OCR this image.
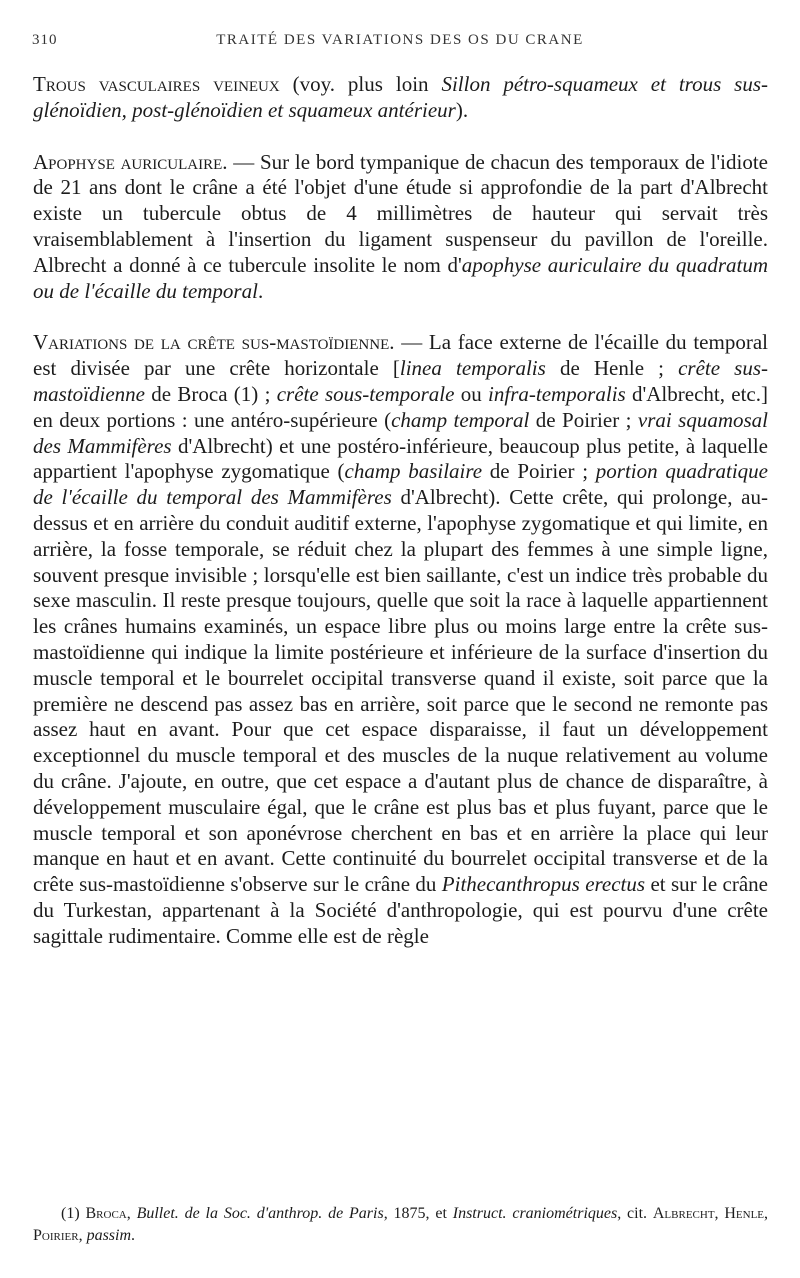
310	TRAITÉ DES VARIATIONS DES OS DU CRANE

Trous vasculaires veineux (voy. plus loin Sillon pétro-squameux et trous sus-glénoïdien, post-glénoïdien et squameux antérieur).

Apophyse auriculaire. — Sur le bord tympanique de chacun des temporaux de l'idiote de 21 ans dont le crâne a été l'objet d'une étude si approfondie de la part d'Albrecht existe un tubercule obtus de 4 millimètres de hauteur qui servait très vraisemblablement à l'insertion du ligament suspenseur du pavillon de l'oreille. Albrecht a donné à ce tubercule insolite le nom d'apophyse auriculaire du quadratum ou de l'écaille du temporal.

Variations de la crête sus-mastoïdienne. — La face externe de l'écaille du temporal est divisée par une crête horizontale [linea temporalis de Henle ; crête sus-mastoïdienne de Broca (1) ; crête sous-temporale ou infra-temporalis d'Albrecht, etc.] en deux portions : une antéro-supérieure (champ temporal de Poirier ; vrai squamosal des Mammifères d'Albrecht) et une postéro-inférieure, beaucoup plus petite, à laquelle appartient l'apophyse zygomatique (champ basilaire de Poirier ; portion quadratique de l'écaille du temporal des Mammifères d'Albrecht). Cette crête, qui prolonge, au-dessus et en arrière du conduit auditif externe, l'apophyse zygomatique et qui limite, en arrière, la fosse temporale, se réduit chez la plupart des femmes à une simple ligne, souvent presque invisible ; lorsqu'elle est bien saillante, c'est un indice très probable du sexe masculin. Il reste presque toujours, quelle que soit la race à laquelle appartiennent les crânes humains examinés, un espace libre plus ou moins large entre la crête sus-mastoïdienne qui indique la limite postérieure et inférieure de la surface d'insertion du muscle temporal et le bourrelet occipital transverse quand il existe, soit parce que la première ne descend pas assez bas en arrière, soit parce que le second ne remonte pas assez haut en avant. Pour que cet espace disparaisse, il faut un développement exceptionnel du muscle temporal et des muscles de la nuque relativement au volume du crâne. J'ajoute, en outre, que cet espace a d'autant plus de chance de disparaître, à développement musculaire égal, que le crâne est plus bas et plus fuyant, parce que le muscle temporal et son aponévrose cherchent en bas et en arrière la place qui leur manque en haut et en avant. Cette continuité du bourrelet occipital transverse et de la crête sus-mastoïdienne s'observe sur le crâne du Pithecanthropus erectus et sur le crâne du Turkestan, appartenant à la Société d'anthropologie, qui est pourvu d'une crête sagittale rudimentaire. Comme elle est de règle

(1) Broca, Bullet. de la Soc. d'anthrop. de Paris, 1875, et Instruct. craniométriques, cit. Albrecht, Henle, Poirier, passim.
